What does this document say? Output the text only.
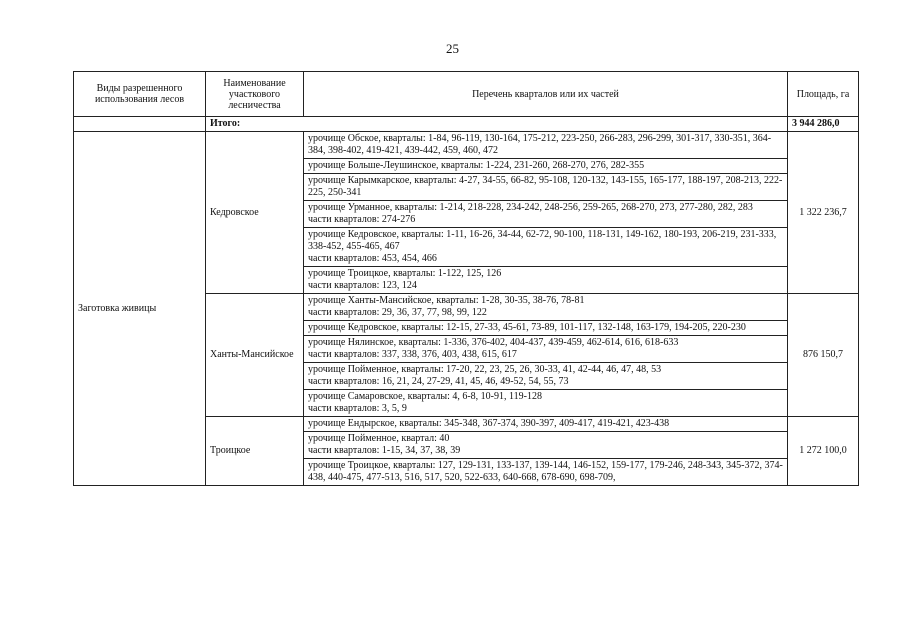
25
Виды разрешенного использования лесов	Наименование участкового лесничества	Перечень кварталов или их частей	Площадь, га
	Итого:		3 944 286,0
Заготовка живицы	Кедровское	урочище Обское, кварталы: 1-84, 96-119, 130-164, 175-212, 223-250, 266-283, 296-299, 301-317, 330-351, 364-384, 398-402, 419-421, 439-442, 459, 460, 472	1 322 236,7

		урочище Больше-Леушинское, кварталы: 1-224, 231-260, 268-270, 276, 282-355	

		урочище Карымкарское, кварталы: 4-27, 34-55, 66-82, 95-108, 120-132, 143-155, 165-177, 188-197, 208-213, 222-225, 250-341	

		урочище Урманное, кварталы: 1-214, 218-228, 234-242, 248-256, 259-265, 268-270, 273, 277-280, 282, 283
части кварталов: 274-276	

		урочище Кедровское, кварталы: 1-11, 16-26, 34-44, 62-72, 90-100, 118-131, 149-162, 180-193, 206-219, 231-333, 338-452, 455-465, 467
части кварталов: 453, 454, 466	

		урочище Троицкое, кварталы: 1-122, 125, 126
части кварталов: 123, 124	

	Ханты-Мансийское	урочище Ханты-Мансийское, кварталы: 1-28, 30-35, 38-76, 78-81
части кварталов: 29, 36, 37, 77, 98, 99, 122	876 150,7

		урочище Кедровское, кварталы: 12-15, 27-33, 45-61, 73-89, 101-117, 132-148, 163-179, 194-205, 220-230	

		урочище Нялинское, кварталы: 1-336, 376-402, 404-437, 439-459, 462-614, 616, 618-633
части кварталов: 337, 338, 376, 403, 438, 615, 617	

		урочище Пойменное, кварталы: 17-20, 22, 23, 25, 26, 30-33, 41, 42-44, 46, 47, 48, 53
части кварталов: 16, 21, 24, 27-29, 41, 45, 46, 49-52, 54, 55, 73	

		урочище Самаровское, кварталы: 4, 6-8, 10-91, 119-128
части кварталов: 3, 5, 9	

	Троицкое	урочище Ендырское, кварталы: 345-348, 367-374, 390-397, 409-417, 419-421, 423-438	1 272 100,0

		урочище Пойменное, квартал: 40
части кварталов: 1-15, 34, 37, 38, 39	

		урочище Троицкое, кварталы: 127, 129-131, 133-137, 139-144, 146-152, 159-177, 179-246, 248-343, 345-372, 374-438, 440-475, 477-513, 516, 517, 520, 522-633, 640-668, 678-690, 698-709,	
